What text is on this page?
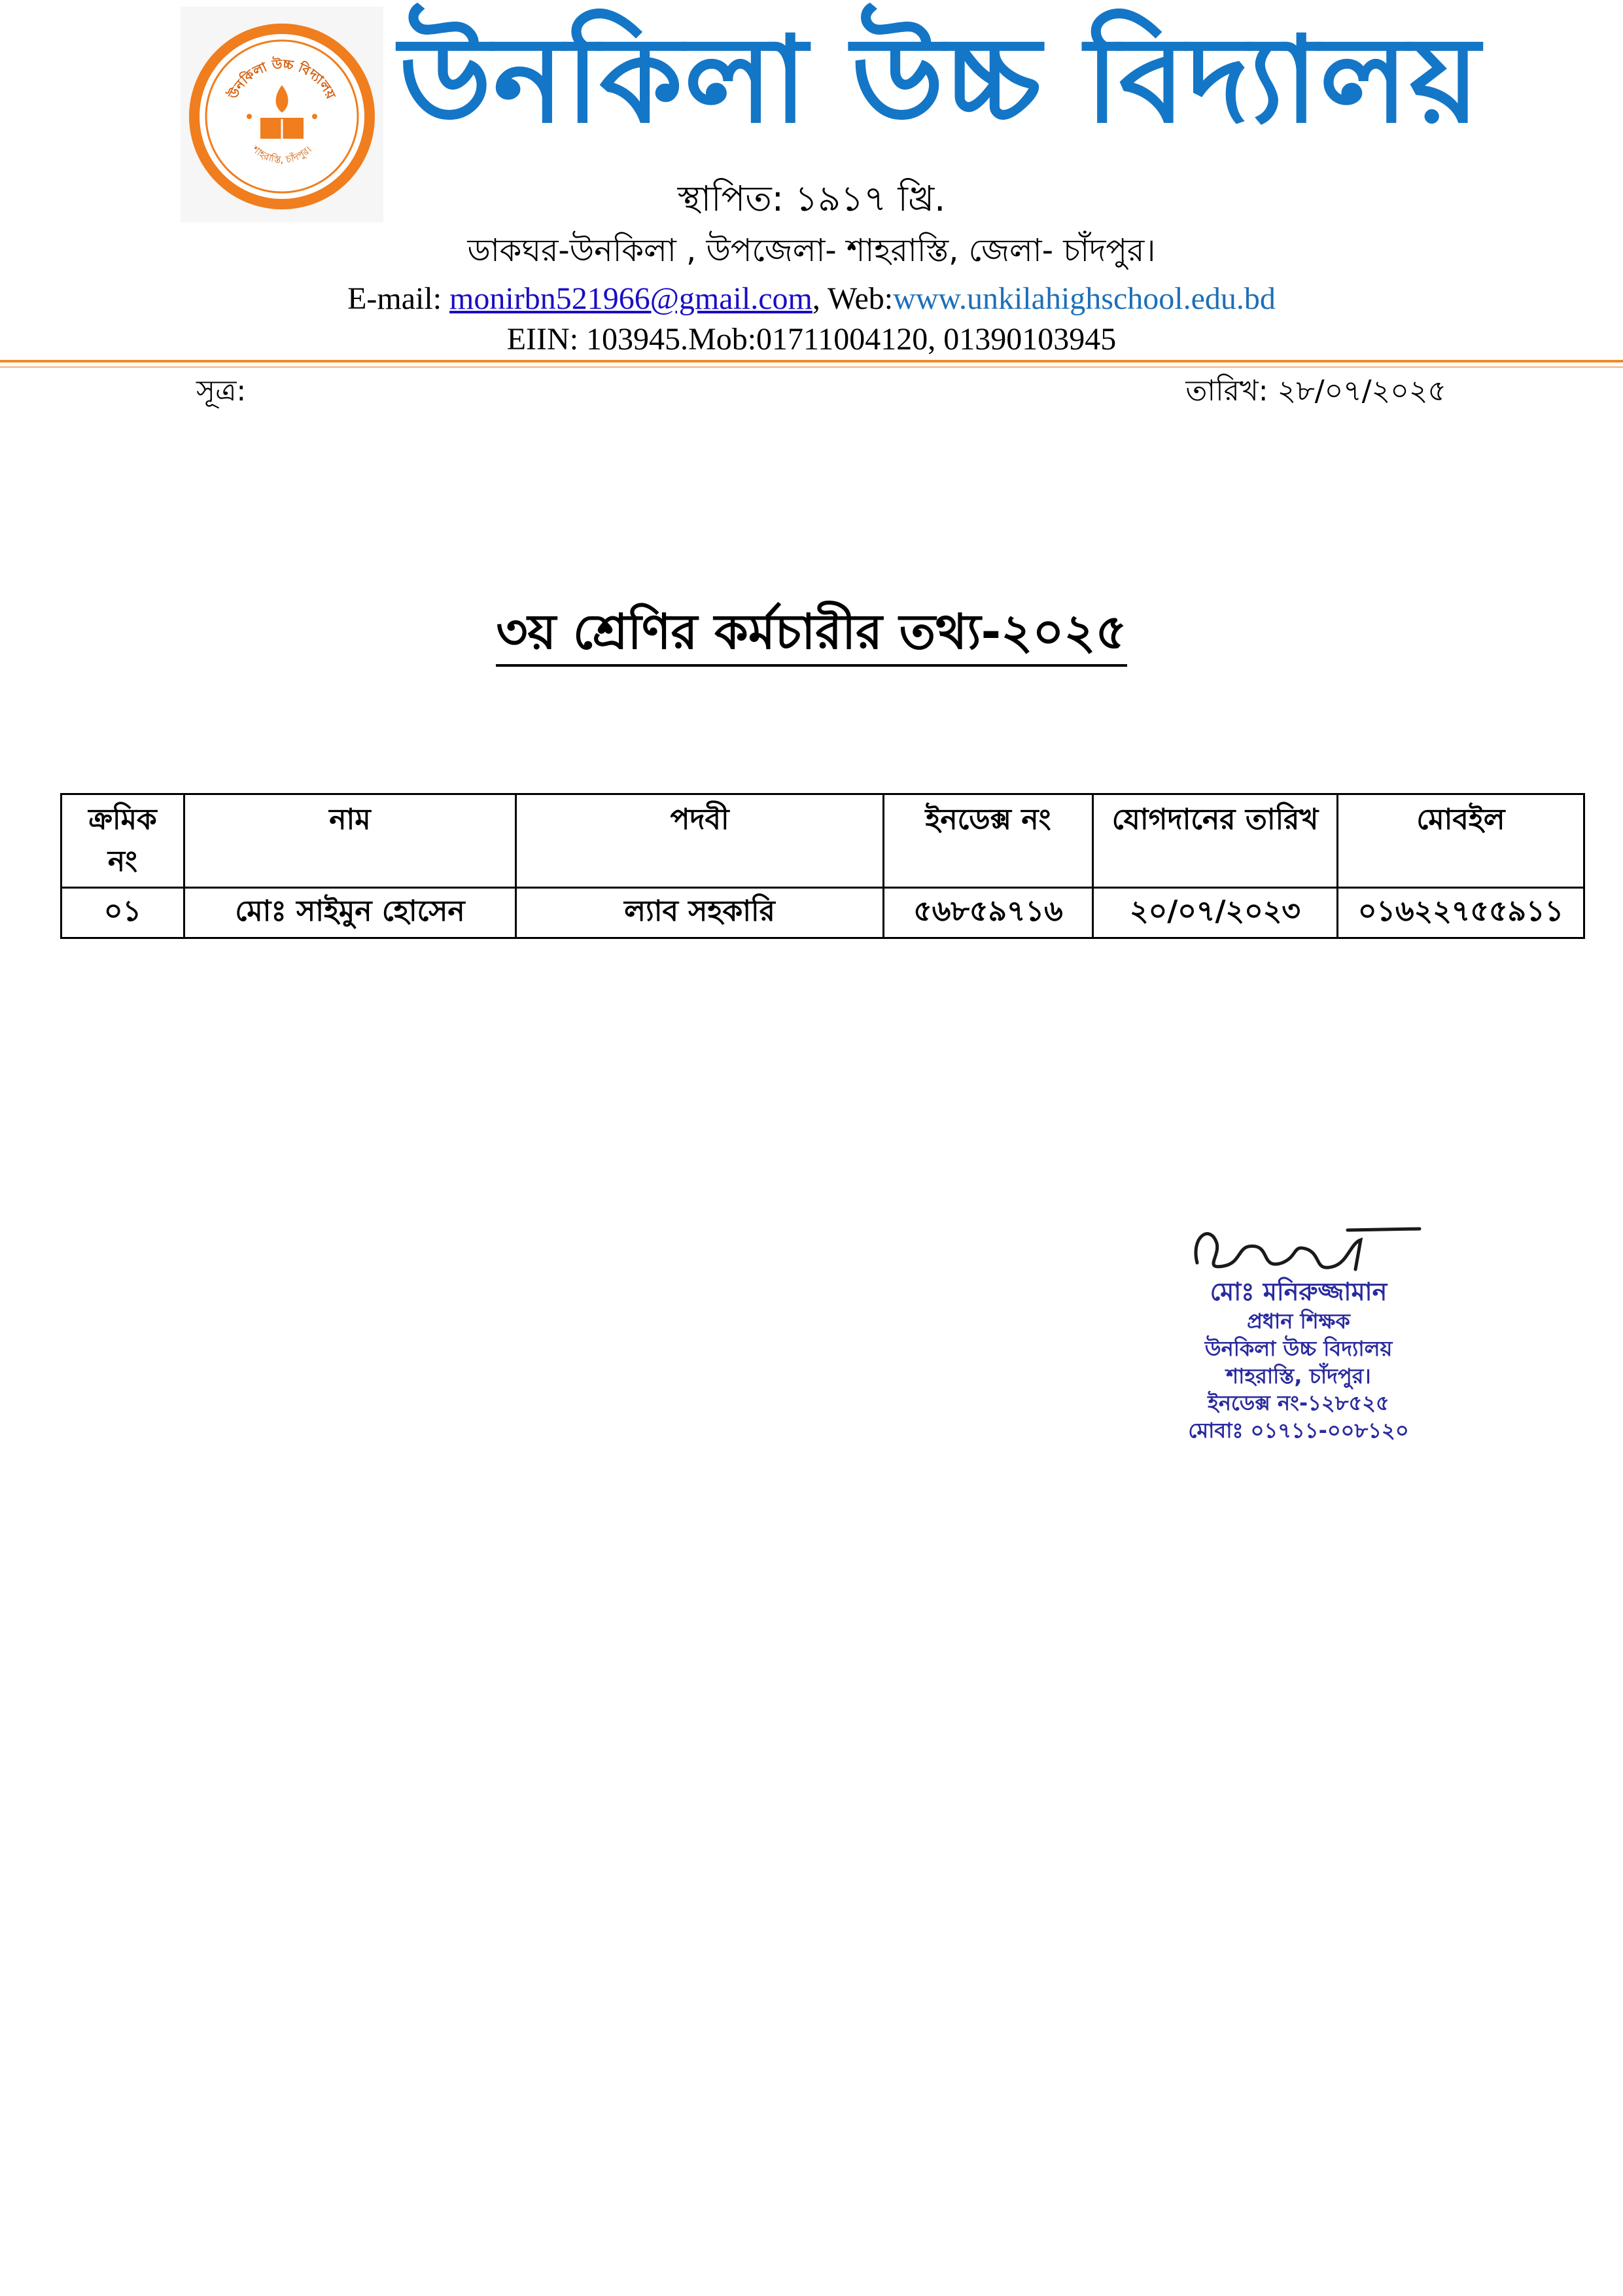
উনকিলা উচ্চ বিদ্যালয়
শাহরাস্তি, চাঁদপুর। উনকিলা উচ্চ বিদ্যালয়
স্থাপিত: ১৯১৭ খ্রি.
ডাকঘর-উনকিলা , উপজেলা- শাহরাস্তি, জেলা- চাঁদপুর।
E-mail: monirbn521966@gmail.com, Web:www.unkilahighschool.edu.bd
EIIN: 103945.Mob:01711004120, 01390103945
সূত্র:	তারিখ: ২৮/০৭/২০২৫
৩য় শ্রেণির কর্মচারীর তথ্য-২০২৫
ক্রমিক নং	নাম	পদবী	ইনডেক্স নং	যোগদানের তারিখ	মোবইল
০১	মোঃ সাইমুন হোসেন	ল্যাব সহকারি	৫৬৮৫৯৭১৬	২০/০৭/২০২৩	০১৬২২৭৫৫৯১১
মোঃ মনিরুজ্জামান
প্রধান শিক্ষক
উনকিলা উচ্চ বিদ্যালয়
শাহরাস্তি, চাঁদপুর।
ইনডেক্স নং-১২৮৫২৫
মোবাঃ ০১৭১১-০০৮১২০
